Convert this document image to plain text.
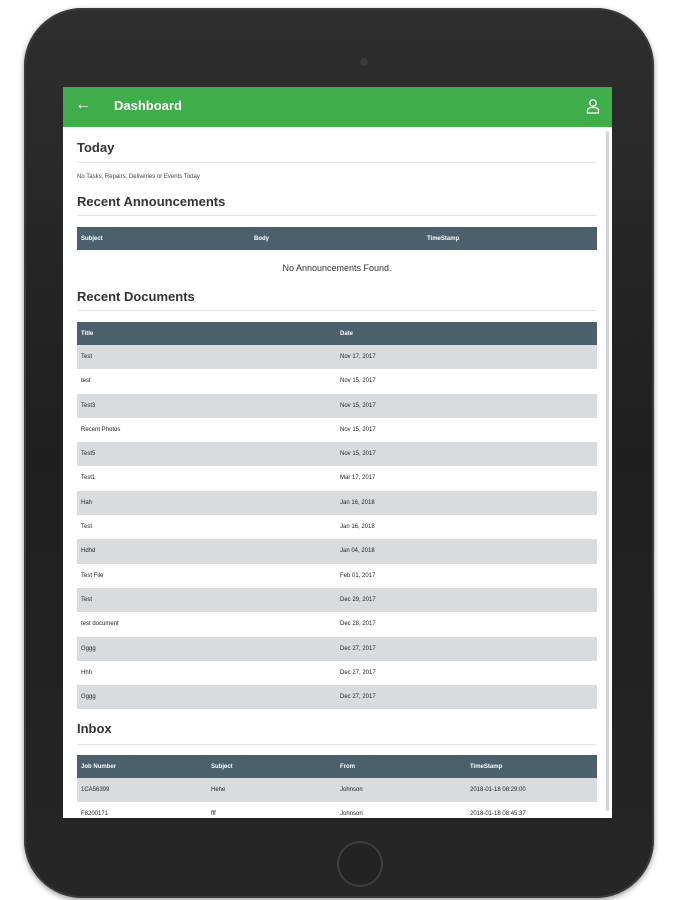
← Dashboard
Today
No Tasks, Repairs, Deliveries or Events Today
Recent Announcements
Subject	Body	TimeStamp
No Announcements Found.
Recent Documents
Title	Date
Test	Nov 17, 2017
test	Nov 15, 2017
Test3	Nov 15, 2017
Recent Photos	Nov 15, 2017
Test5	Nov 15, 2017
Test1	Mar 17, 2017
Hah	Jan 16, 2018
Test	Jan 16, 2018
Hdhd	Jan 04, 2018
Test File	Feb 01, 2017
Test	Dec 29, 2017
test document	Dec 28, 2017
Gggg	Dec 27, 2017
Hhh	Dec 27, 2017
Gggg	Dec 27, 2017
Inbox
Job Number	Subject	From	TimeStamp
1CA56399	Hehe	Johnson	2018-01-18 08:29:00
F8200171	fff	Johnson	2018-01-18 08:45:37
